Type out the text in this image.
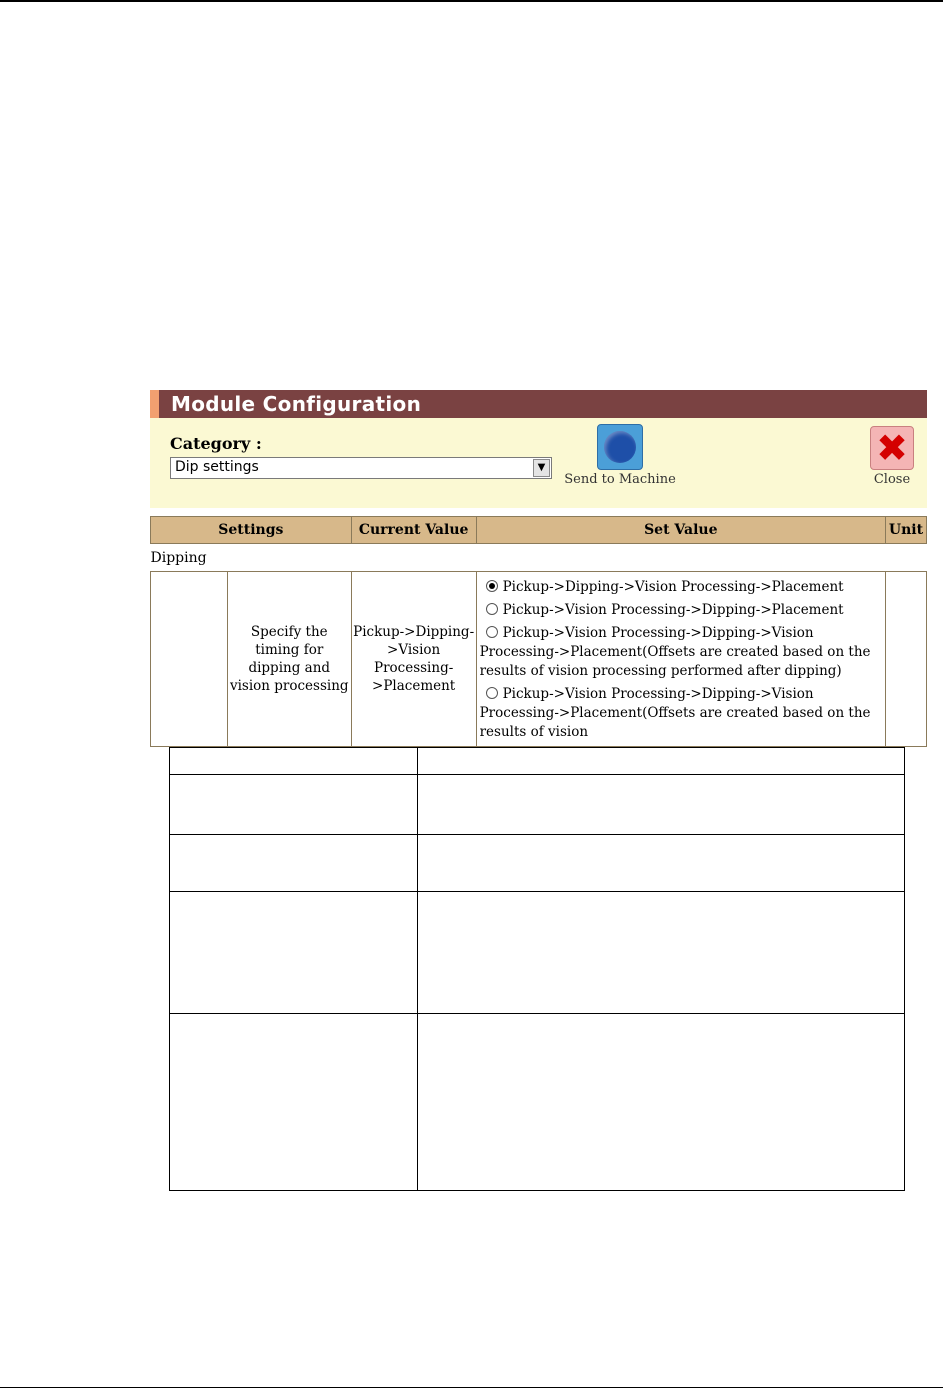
Module Configuration
Category :
Dip settings	▼
Send to Machine
✖
Close
Settings		Current Value	Set Value	Unit
Dipping				
	Specify the timing for dipping and vision processing	Pickup->Dipping->Vision Processing->Placement	Pickup->Dipping->Vision Processing->Placement
Pickup->Vision Processing->Dipping->Placement
Pickup->Vision Processing->Dipping->Vision Processing->Placement(Offsets are created based on the results of vision processing performed after dipping)
Pickup->Vision Processing->Dipping->Vision Processing->Placement(Offsets are created based on the results of vision	
